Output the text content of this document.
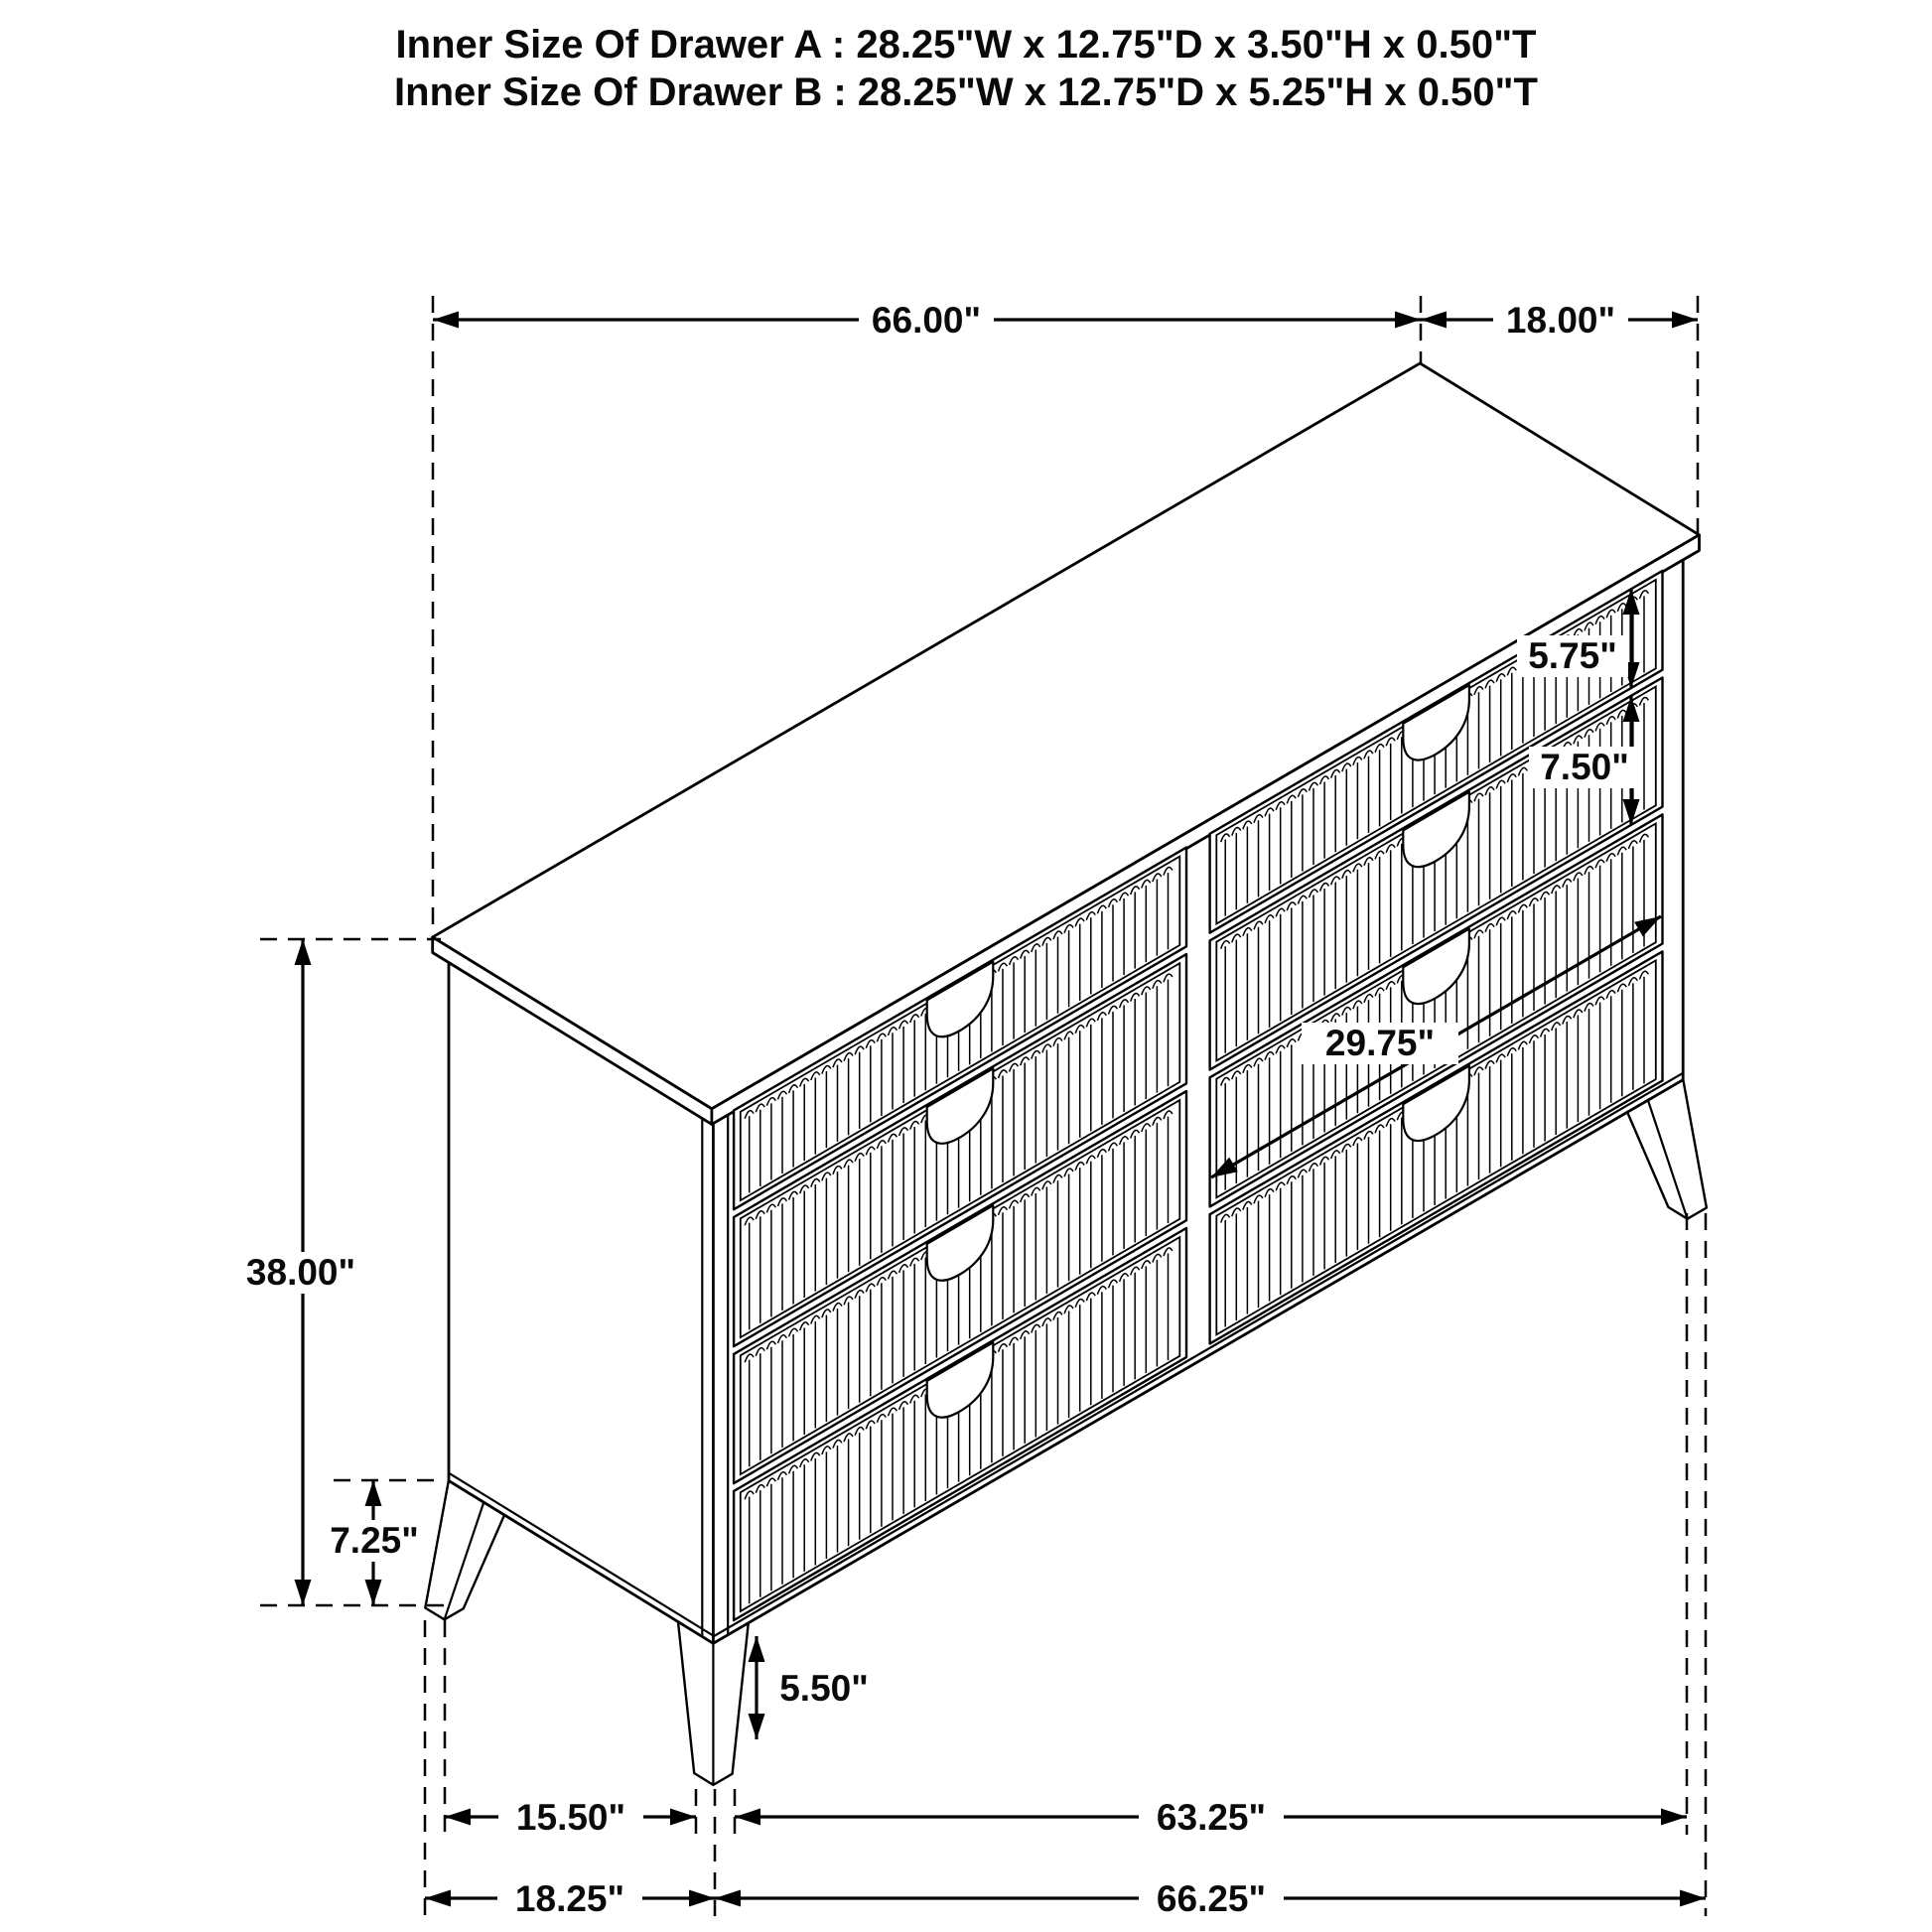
Inner Size Of Drawer A : 28.25"W x 12.75"D x 3.50"H x 0.50"T
Inner Size Of Drawer B : 28.25"W x 12.75"D x 5.25"H x 0.50"T
66.00"	18.00"
5.75"
7.50"
29.75"
38.00"
7.25"
5.50"
15.50"	63.25"
18.25"	66.25"
